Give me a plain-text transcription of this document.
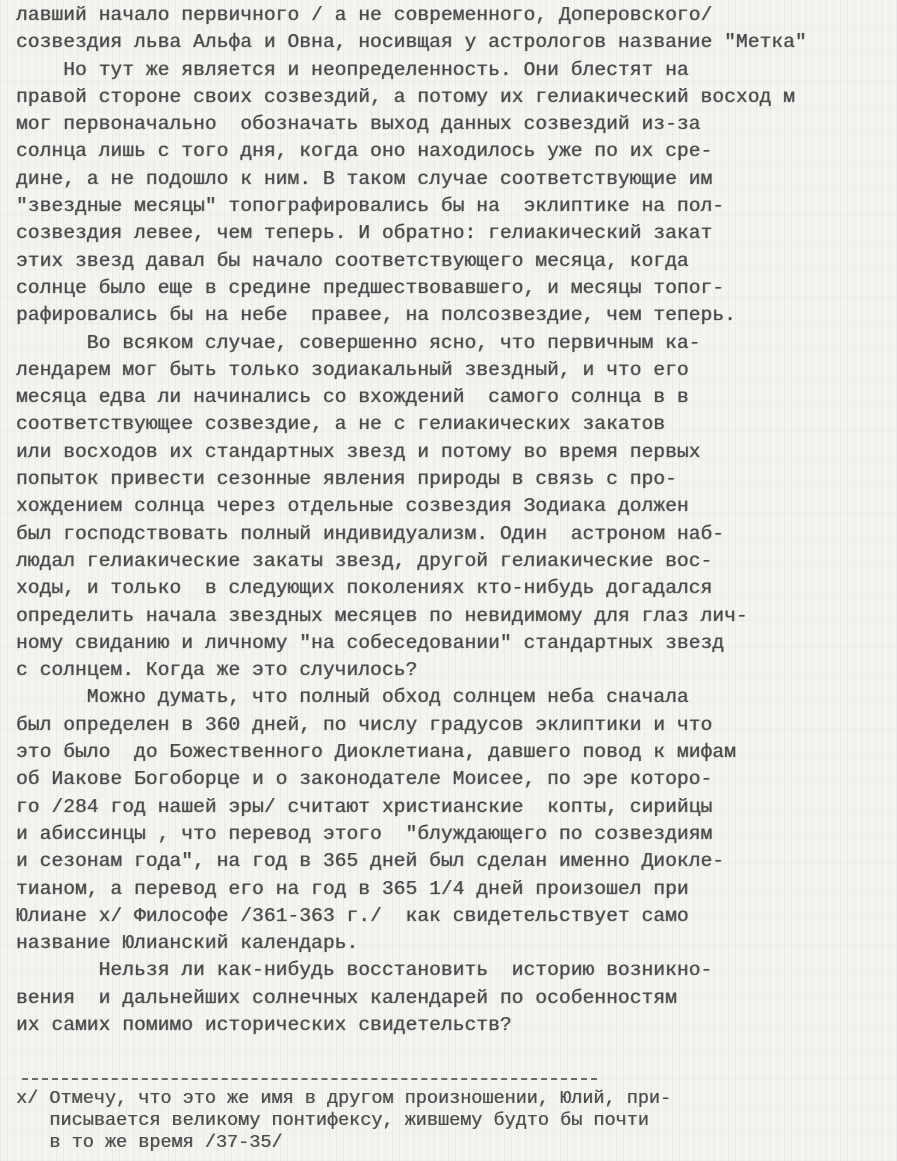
лавший начало первичного / а не современного, Доперовского/
созвездия льва Альфа и Овна, носивщая у астрологов название "Метка"
Но тут же является и неопределенность. Они блестят на
правой стороне своих созвездий, а потому их гелиакический восход м
мог первоначально  обозначать выход данных созвездий из-за
солнца лишь с того дня, когда оно находилось уже по их сре-
дине, а не подошло к ним. В таком случае соответствующие им
"звездные месяцы" топографировались бы на  эклиптике на пол-
созвездия левее, чем теперь. И обратно: гелиакический закат
этих звезд давал бы начало соответствующего месяца, когда
солнце было еще в средине предшествовавшего, и месяцы топог-
рафировались бы на небе  правее, на полсозвездие, чем теперь.
Во всяком случае, совершенно ясно, что первичным ка-
лендарем мог быть только зодиакальный звездный, и что его
месяца едва ли начинались со вхождений  самого солнца в в
соответствующее созвездие, а не с гелиакических закатов
или восходов их стандартных звезд и потому во время первых
попыток привести сезонные явления природы в связь с про-
хождением солнца через отдельные созвездия Зодиака должен
был господствовать полный индивидуализм. Один  астроном наб-
людал гелиакические закаты звезд, другой гелиакические вос-
ходы, и только  в следующих поколениях кто-нибудь догадался
определить начала звездных месяцев по невидимому для глаз лич-
ному свиданию и личному "на собеседовании" стандартных звезд
с солнцем. Когда же это случилось?
Можно думать, что полный обход солнцем неба сначала
был определен в 360 дней, по числу градусов эклиптики и что
это было  до Божественного Диоклетиана, давшего повод к мифам
об Иакове Богоборце и о законодателе Моисее, по эре которо-
го /284 год нашей эры/ считают христианские  копты, сирийцы
и абиссинцы , что перевод этого  "блуждающего по созвездиям
и сезонам года", на год в 365 дней был сделан именно Диокле-
тианом, а перевод его на год в 365 1/4 дней произошел при
Юлиане x/ Философе /361-363 г./  как свидетельствует само
название Юлианский календарь.
Нельзя ли как-нибудь восстановить  историю возникно-
вения  и дальнейших солнечных календарей по особенностям
их самих помимо исторических свидетельств?
x/ Отмечу, что это же имя в другом произношении, Юлий, при-
писывается великому понтифексу, жившему будто бы почти
в то же время /37-35/
